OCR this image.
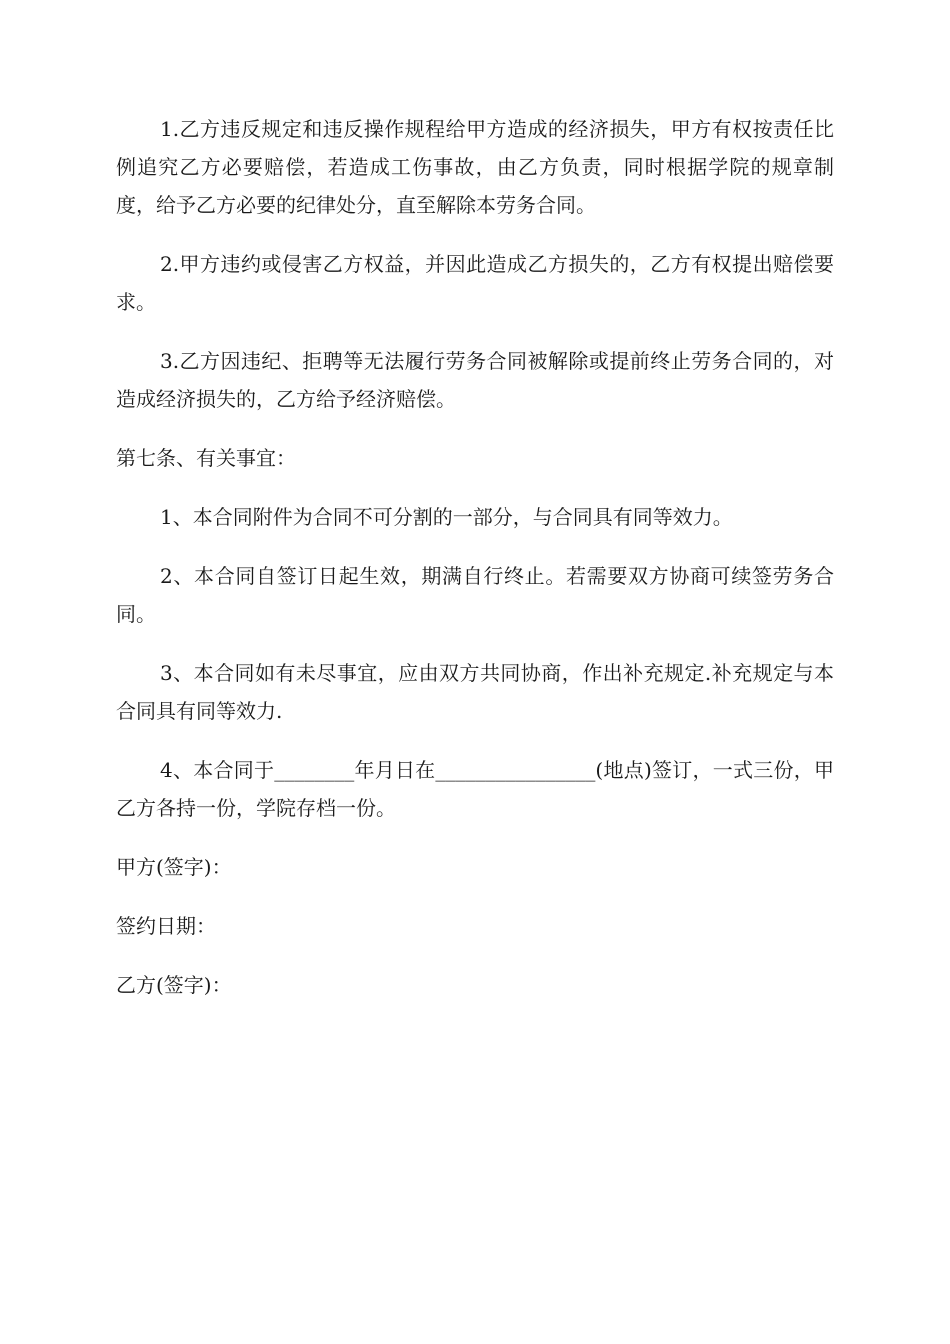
1.乙方违反规定和违反操作规程给甲方造成的经济损失，甲方有权按责任比例追究乙方必要赔偿，若造成工伤事故，由乙方负责，同时根据学院的规章制度，给予乙方必要的纪律处分，直至解除本劳务合同。

2.甲方违约或侵害乙方权益，并因此造成乙方损失的，乙方有权提出赔偿要求。

3.乙方因违纪、拒聘等无法履行劳务合同被解除或提前终止劳务合同的，对造成经济损失的，乙方给予经济赔偿。

第七条、有关事宜：

1、本合同附件为合同不可分割的一部分，与合同具有同等效力。

2、本合同自签订日起生效，期满自行终止。若需要双方协商可续签劳务合同。

3、本合同如有未尽事宜，应由双方共同协商，作出补充规定.补充规定与本合同具有同等效力.

4、本合同于________年月日在________________(地点)签订，一式三份，甲乙方各持一份，学院存档一份。

甲方(签字)：

签约日期：

乙方(签字)：
